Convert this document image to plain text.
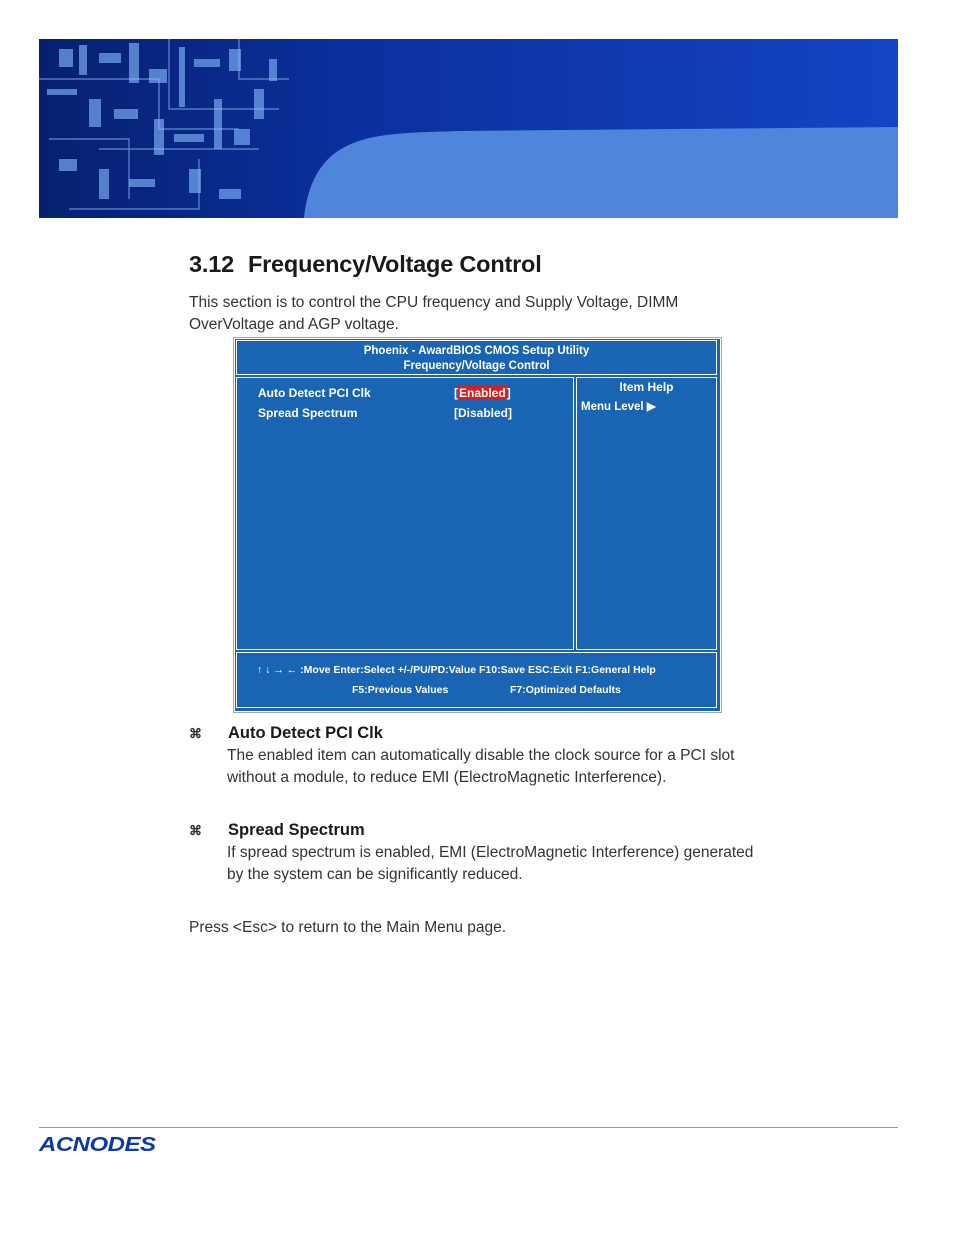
3.12 Frequency/Voltage Control
This section is to control the CPU frequency and Supply Voltage, DIMM OverVoltage and AGP voltage.
Phoenix - AwardBIOS CMOS Setup Utility
Frequency/Voltage Control
Auto Detect PCI Clk	[Enabled]
Spread Spectrum	[Disabled]
Item Help
Menu Level ▶
↑ ↓ → ← :Move Enter:Select +/-/PU/PD:Value F10:Save ESC:Exit F1:General Help
F5:Previous Values	F7:Optimized Defaults
⌘ Auto Detect PCI Clk
The enabled item can automatically disable the clock source for a PCI slot without a module, to reduce EMI (ElectroMagnetic Interference).
⌘ Spread Spectrum
If spread spectrum is enabled, EMI (ElectroMagnetic Interference) generated by the system can be significantly reduced.
Press <Esc> to return to the Main Menu page.
ACNODES
